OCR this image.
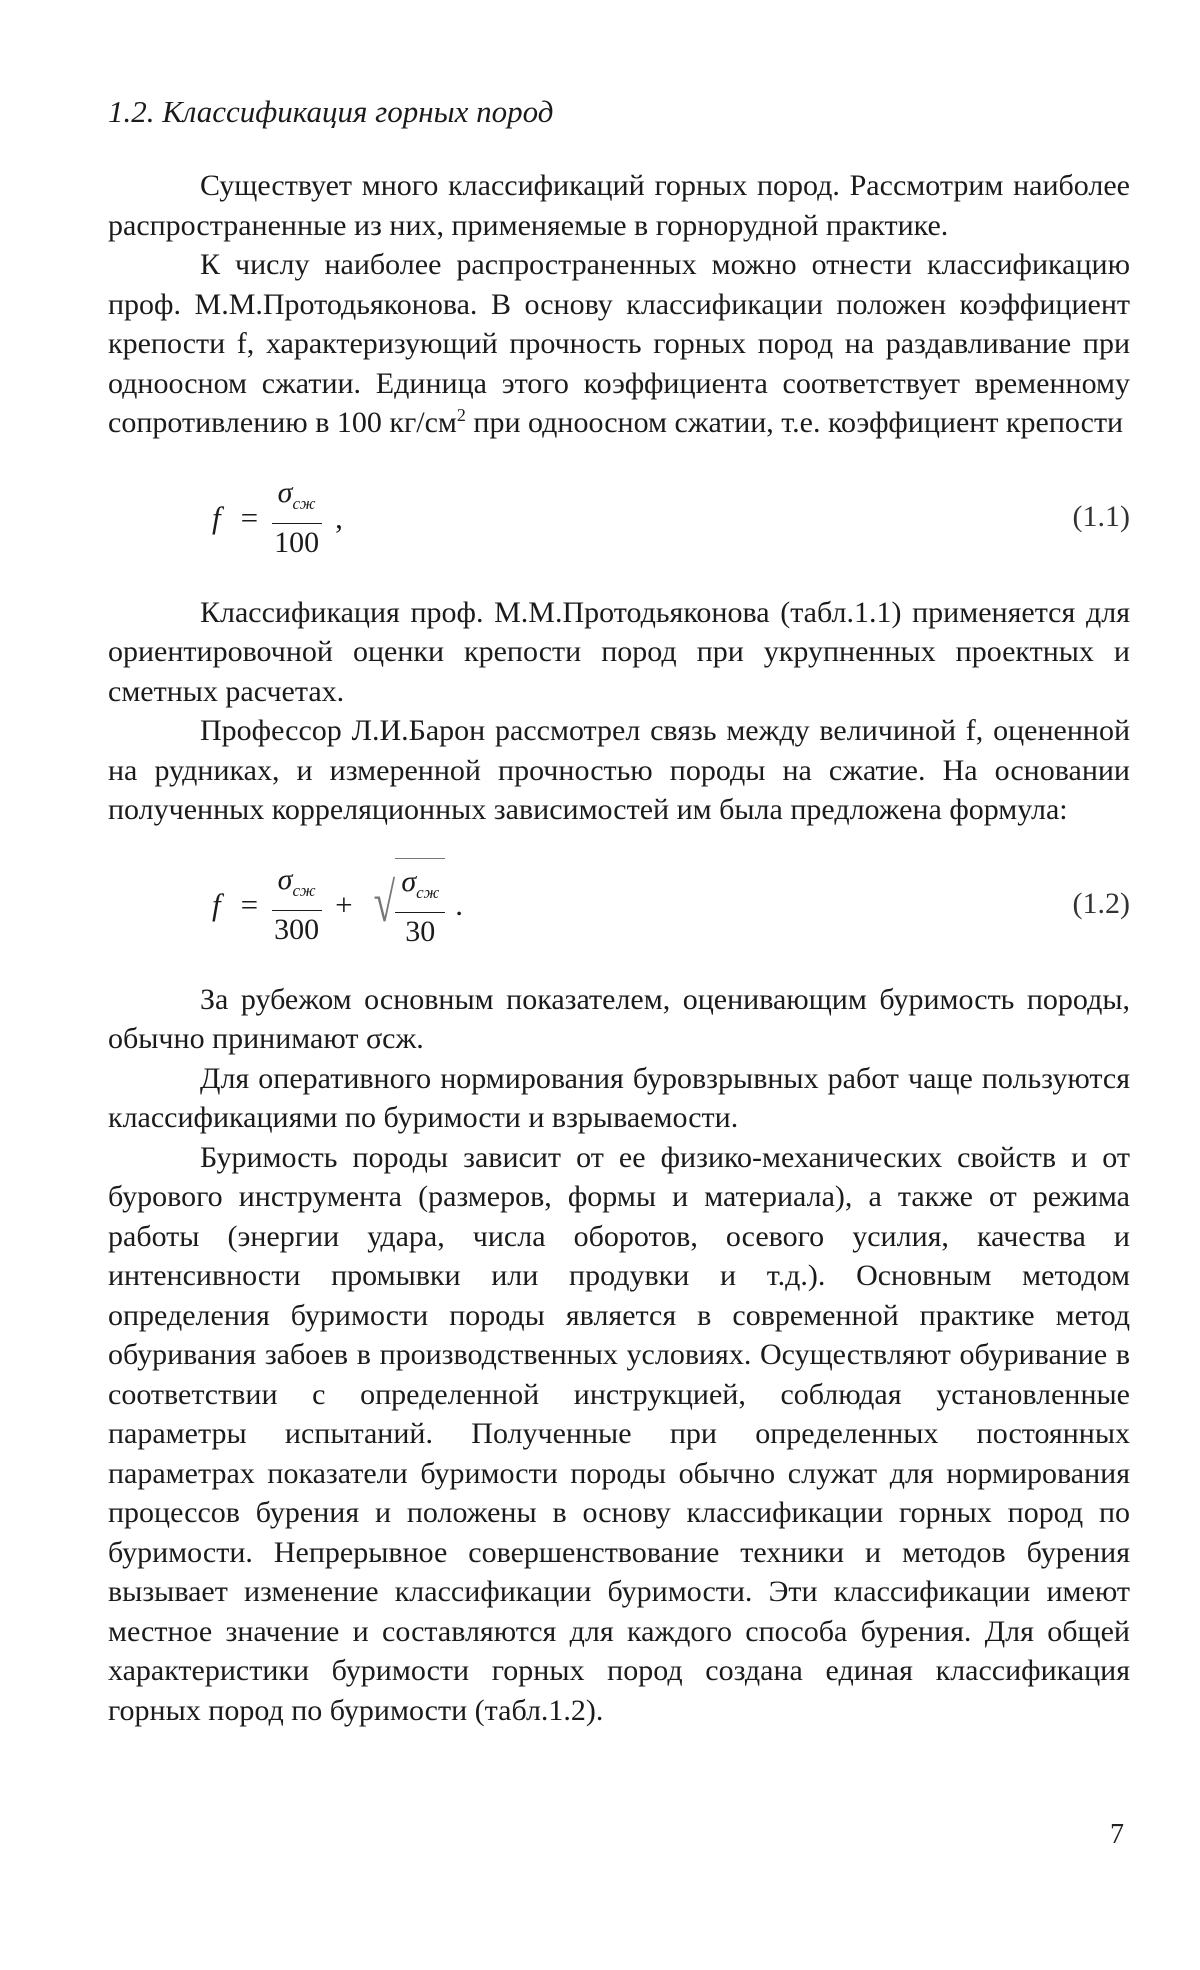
1.2. Классификация горных пород

Существует много классификаций горных пород. Рассмотрим наиболее распространенные из них, применяемые в горнорудной практике.

К числу наиболее распространенных можно отнести классификацию проф. М.М.Протодьяконова. В основу классификации положен коэффициент крепости f, характеризующий прочность горных пород на раздавливание при одноосном сжатии. Единица этого коэффициента соответствует временному сопротивлению в 100 $кг/см^2$ при одноосном сжатии, т.е. коэффициент крепости

$f = \frac{\sigma_{сж}}{100}$ ,	(1.1)

Классификация проф. М.М.Протодьяконова (табл.1.1) применяется для ориентировочной оценки крепости пород при укрупненных проектных и сметных расчетах.

Профессор Л.И.Барон рассмотрел связь между величиной f, оцененной на рудниках, и измеренной прочностью породы на сжатие. На основании полученных корреляционных зависимостей им была предложена формула:

$f = \frac{\sigma_{сж}}{300}$ + √ $\frac{\sigma_{сж}}{30}$ .	(1.2)

За рубежом основным показателем, оценивающим буримость породы, обычно принимают σсж.

Для оперативного нормирования буровзрывных работ чаще пользуются классификациями по буримости и взрываемости.

Буримость породы зависит от ее физико-механических свойств и от бурового инструмента (размеров, формы и материала), а также от режима работы (энергии удара, числа оборотов, осевого усилия, качества и интенсивности промывки или продувки и т.д.). Основным методом определения буримости породы является в современной практике метод обуривания забоев в производственных условиях. Осуществляют обуривание в соответствии с определенной инструкцией, соблюдая установленные параметры испытаний. Полученные при определенных постоянных параметрах показатели буримости породы обычно служат для нормирования процессов бурения и положены в основу классификации горных пород по буримости. Непрерывное совершенствование техники и методов бурения вызывает изменение классификации буримости. Эти классификации имеют местное значение и составляются для каждого способа бурения. Для общей характеристики буримости горных пород создана единая классификация горных пород по буримости (табл.1.2).

7
